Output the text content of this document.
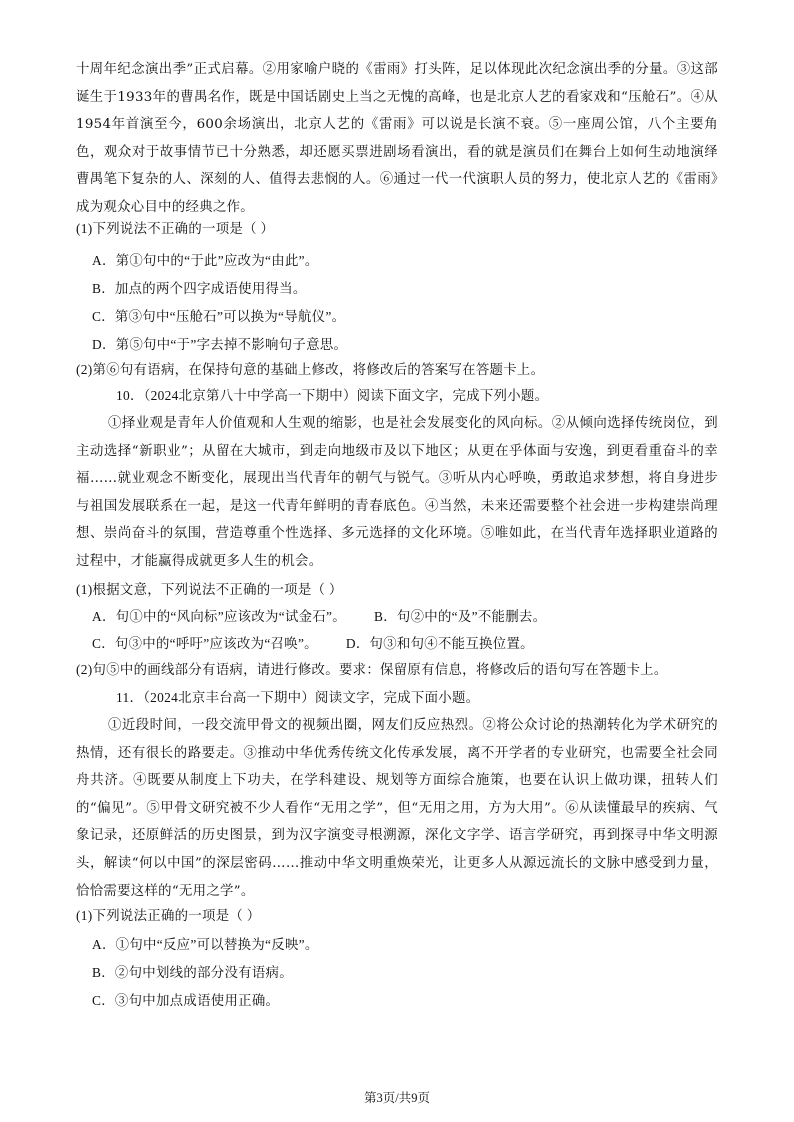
十周年纪念演出季”正式启幕。②用家喻户晓的《雷雨》打头阵，足以体现此次纪念演出季的分量。③这部诞生于1933年的曹禺名作，既是中国话剧史上当之无愧的高峰，也是北京人艺的看家戏和“压舱石”。④从1954年首演至今，600余场演出，北京人艺的《雷雨》可以说是长演不衰。⑤一座周公馆，八个主要角色，观众对于故事情节已十分熟悉，却还愿买票进剧场看演出，看的就是演员们在舞台上如何生动地演绎曹禺笔下复杂的人、深刻的人、值得去悲悯的人。⑥通过一代一代演职人员的努力，使北京人艺的《雷雨》成为观众心目中的经典之作。
(1)下列说法不正确的一项是（ ）
A．第①句中的“于此”应改为“由此”。
B．加点的两个四字成语使用得当。
C．第③句中“压舱石”可以换为“导航仪”。
D．第⑤句中“于”字去掉不影响句子意思。
(2)第⑥句有语病，在保持句意的基础上修改，将修改后的答案写在答题卡上。
10．（2024北京第八十中学高一下期中）阅读下面文字，完成下列小题。
①择业观是青年人价值观和人生观的缩影，也是社会发展变化的风向标。②从倾向选择传统岗位，到主动选择“新职业”；从留在大城市，到走向地级市及以下地区；从更在乎体面与安逸，到更看重奋斗的幸福……就业观念不断变化，展现出当代青年的朝气与锐气。③听从内心呼唤，勇敢追求梦想，将自身进步与祖国发展联系在一起，是这一代青年鲜明的青春底色。④当然，未来还需要整个社会进一步构建崇尚理想、崇尚奋斗的氛围，营造尊重个性选择、多元选择的文化环境。⑤唯如此，在当代青年选择职业道路的过程中，才能赢得成就更多人生的机会。
(1)根据文意，下列说法不正确的一项是（ ）
A．句①中的“风向标”应该改为“试金石”。 B．句②中的“及”不能删去。
C．句③中的“呼吁”应该改为“召唤”。 D．句③和句④不能互换位置。
(2)句⑤中的画线部分有语病，请进行修改。要求：保留原有信息，将修改后的语句写在答题卡上。
11．（2024北京丰台高一下期中）阅读文字，完成下面小题。
①近段时间，一段交流甲骨文的视频出圈，网友们反应热烈。②将公众讨论的热潮转化为学术研究的热情，还有很长的路要走。③推动中华优秀传统文化传承发展，离不开学者的专业研究，也需要全社会同舟共济。④既要从制度上下功夫，在学科建设、规划等方面综合施策，也要在认识上做功课，扭转人们的“偏见”。⑤甲骨文研究被不少人看作“无用之学”，但“无用之用，方为大用”。⑥从读懂最早的疾病、气象记录，还原鲜活的历史图景，到为汉字演变寻根溯源，深化文字学、语言学研究，再到探寻中华文明源头，解读“何以中国”的深层密码……推动中华文明重焕荣光，让更多人从源远流长的文脉中感受到力量，恰恰需要这样的“无用之学”。
(1)下列说法正确的一项是（ ）
A．①句中“反应”可以替换为“反映”。
B．②句中划线的部分没有语病。
C．③句中加点成语使用正确。
第3页/共9页
